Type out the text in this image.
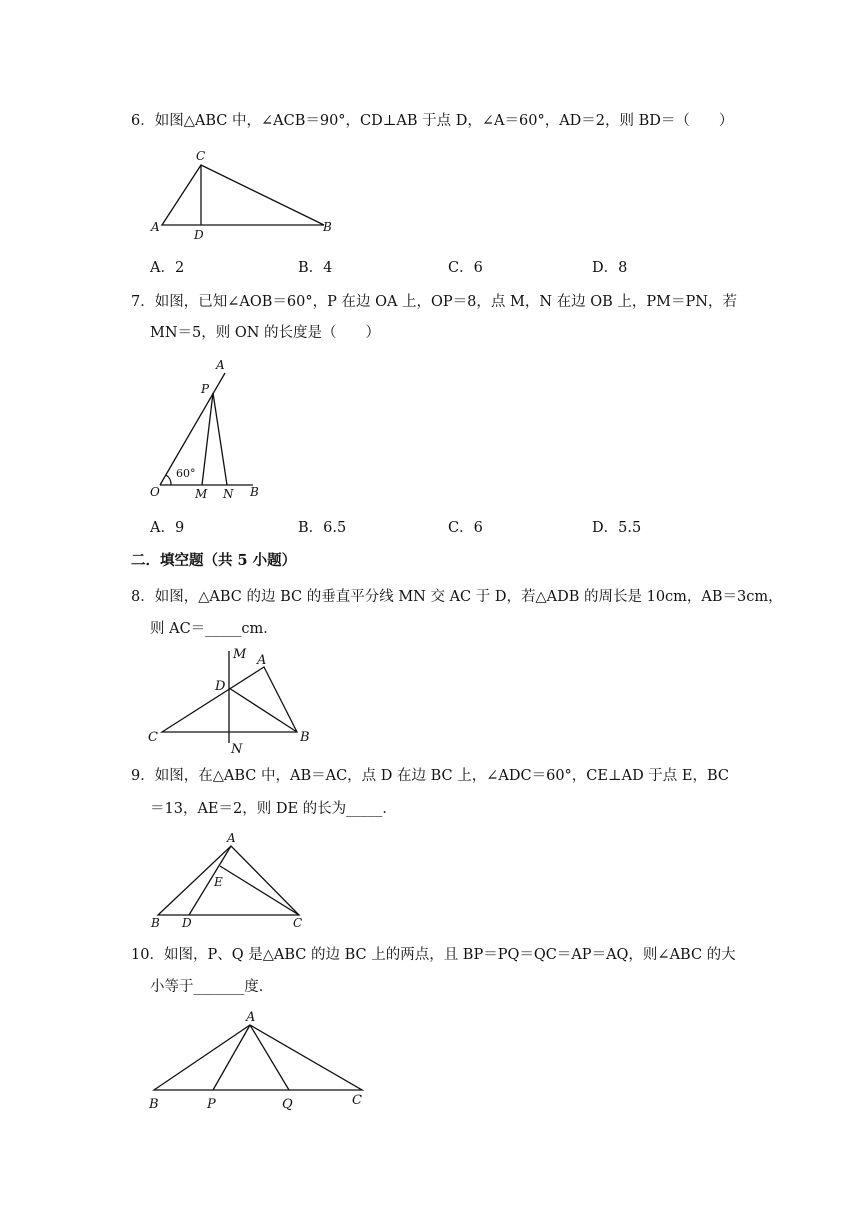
6．如图△ABC 中，∠ACB＝90°，CD⊥AB 于点 D，∠A＝60°，AD＝2，则 BD＝（　　）
C
A
D
B
A．2	B．4	C．6	D．8
7．如图，已知∠AOB＝60°，P 在边 OA 上，OP＝8，点 M，N 在边 OB 上，PM＝PN，若
MN＝5，则 ON 的长度是（　　）
A
P
60°
O	M N B
A．9	B．6.5	C．6	D．5.5
二．填空题（共 5 小题）
8．如图，△ABC 的边 BC 的垂直平分线 MN 交 AC 于 D，若△ADB 的周长是 10cm，AB＝3cm，
则 AC＝_____cm．
M A
D
C	B
N
9．如图，在△ABC 中，AB＝AC，点 D 在边 BC 上，∠ADC＝60°，CE⊥AD 于点 E，BC
＝13，AE＝2，则 DE 的长为_____．
A
E
B D	C
10．如图，P、Q 是△ABC 的边 BC 上的两点，且 BP＝PQ＝QC＝AP＝AQ，则∠ABC 的大
小等于_______度．
A
B	P	Q	C
